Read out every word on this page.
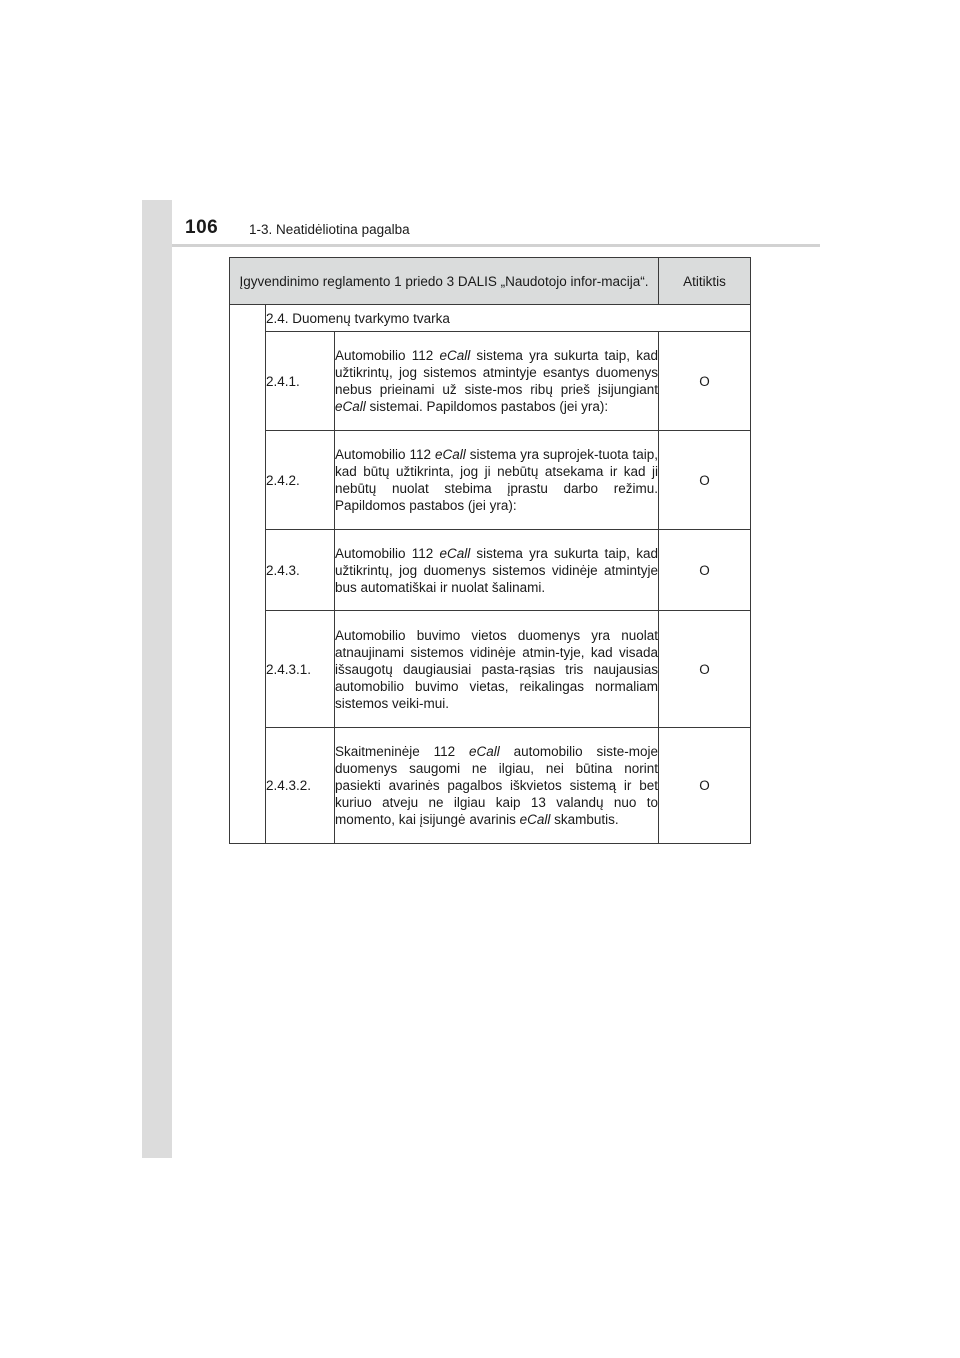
106 1-3. Neatidėliotina pagalba
Įgyvendinimo reglamento 1 priedo 3 DALIS „Naudotojo infor-macija“.			Atitiktis
	2.4. Duomenų tvarkymo tvarka		
	2.4.1.	Automobilio 112 eCall sistema yra sukurta taip, kad užtikrintų, jog sistemos atmintyje esantys duomenys nebus prieinami už siste-mos ribų prieš įsijungiant eCall sistemai. Papildomos pastabos (jei yra):	O
	2.4.2.	Automobilio 112 eCall sistema yra suprojek-tuota taip, kad būtų užtikrinta, jog ji nebūtų atsekama ir kad ji nebūtų nuolat stebima įprastu darbo režimu. Papildomos pastabos (jei yra):	O
	2.4.3.	Automobilio 112 eCall sistema yra sukurta taip, kad užtikrintų, jog duomenys sistemos vidinėje atmintyje bus automatiškai ir nuolat šalinami.	O
	2.4.3.1.	Automobilio buvimo vietos duomenys yra nuolat atnaujinami sistemos vidinėje atmin-tyje, kad visada išsaugotų daugiausiai pasta-rąsias tris naujausias automobilio buvimo vietas, reikalingas normaliam sistemos veiki-mui.	O
	2.4.3.2.	Skaitmeninėje 112 eCall automobilio siste-moje duomenys saugomi ne ilgiau, nei būtina norint pasiekti avarinės pagalbos iškvietos sistemą ir bet kuriuo atveju ne ilgiau kaip 13 valandų nuo to momento, kai įsijungė avarinis eCall skambutis.	O
